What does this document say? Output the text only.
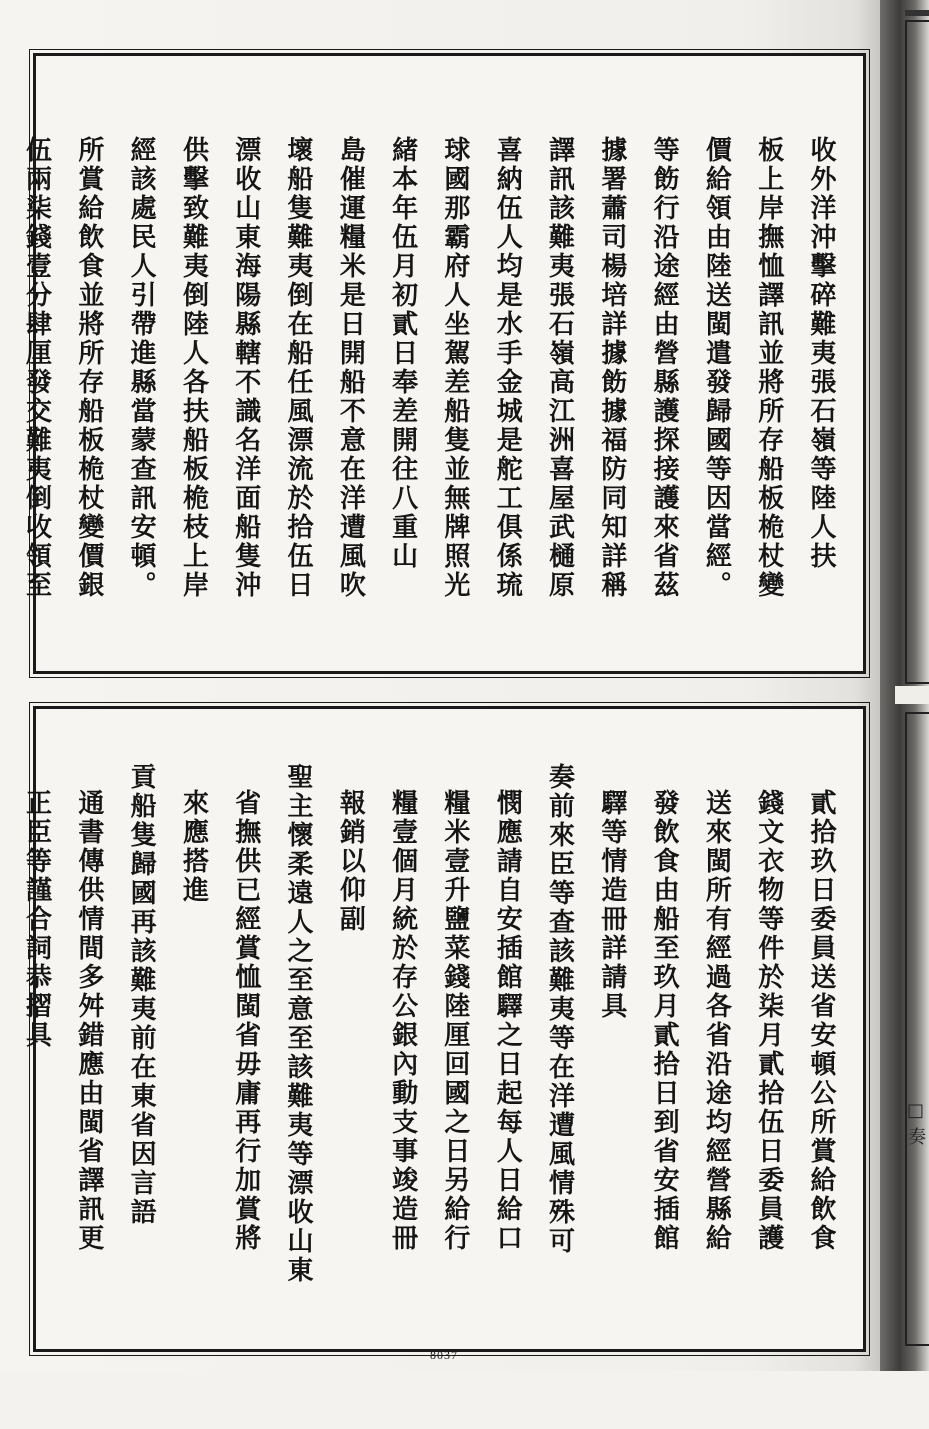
□奏
收外洋沖擊碎難夷張石嶺等陸人扶
板上岸撫恤譯訊並將所存船板桅杖變
價給領由陸送閩遣發歸國等因當經。
等飭行沿途經由營縣護探接護來省茲
據署蕭司楊培詳據飭據福防同知詳稱
譯訊該難夷張石嶺高江洲喜屋武樋原
喜納伍人均是水手金城是舵工俱係琉
球國那霸府人坐駕差船隻並無牌照光
緒本年伍月初貳日奉差開往八重山
島催運糧米是日開船不意在洋遭風吹
壞船隻難夷倒在船任風漂流於拾伍日
漂收山東海陽縣轄不識名洋面船隻沖
供擊致難夷倒陸人各扶船板桅枝上岸
經該處民人引帶進縣當蒙查訊安頓。
所賞給飲食並將所存船板桅杖變價銀
伍兩柒錢壹分肆厘發交難夷倒收領至
貳拾玖日委員送省安頓公所賞給飲食
錢文衣物等件於柒月貳拾伍日委員護
送來閩所有經過各省沿途均經營縣給
發飲食由船至玖月貳拾日到省安插館
驛等情造冊詳請具
奏前來臣等查該難夷等在洋遭風情殊可
憫應請自安插館驛之日起每人日給口
糧米壹升鹽菜錢陸厘回國之日另給行
糧壹個月統於存公銀內動支事竣造冊
報銷以仰副
聖主懷柔遠人之至意至該難夷等漂收山東
省撫供已經賞恤閩省毋庸再行加賞將
來應搭進
貢船隻歸國再該難夷前在東省因言語
通書傳供情間多舛錯應由閩省譯訊更
正臣等謹合詞恭摺具
8037
